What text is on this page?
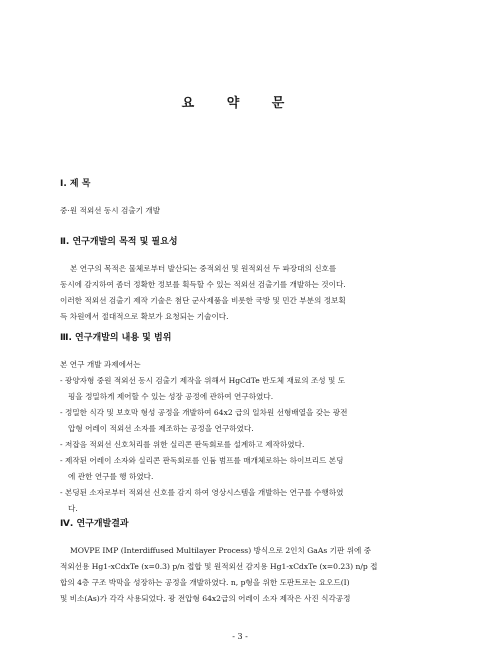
요 약 문
Ⅰ. 제 목
중·원 적외선 동시 검출기 개발
Ⅱ. 연구개발의 목적 및 필요성
본 연구의 목적은 물체로부터 발산되는 중적외선 및 원적외선 두 파장대의 신호를
동시에 감지하여 좀더 정확한 정보를 획득할 수 있는 적외선 검출기를 개발하는 것이다.
이러한 적외선 검출기 제작 기술은 첨단 군사제품을 비롯한 국방 및 민간 부분의 정보획
득 차원에서 절대적으로 확보가 요청되는 기술이다.
Ⅲ. 연구개발의 내용 및 범위
본 연구 개발 과제에서는
- 광양자형 중원 적외선 동시 검출기 제작을 위해서 HgCdTe 반도체 재료의 조성 및 도
핑을 정밀하게 제어할 수 있는 성장 공정에 관하여 연구하였다.
- 정밀한 식각 및 보호막 형성 공정을 개발하여 64x2 급의 일차원 선형배열을 갖는 광전
압형 어레이 적외선 소자를 제조하는 공정을 연구하였다.
- 저잡음 적외선 신호처리를 위한 실리콘 판독회로를 설계하고 제작하였다.
- 제작된 어레이 소자와 실리콘 판독회로를 인듐 범프를 매개체로하는 하이브리드 본딩
에 관한 연구를 행 하였다.
- 본딩된 소자로부터 적외선 신호를 감지 하여 영상시스템을 개발하는 연구를 수행하였
다.
Ⅳ. 연구개발결과
MOVPE IMP (Interdiffused Multilayer Process) 방식으로 2인치 GaAs 기판 위에 중
적외선용 Hg1-xCdxTe (x=0.3) p/n 접합 및 원적외선 감지용 Hg1-xCdxTe (x=0.23) n/p 접
합의 4층 구조 박막을 성장하는 공정을 개발하였다. n, p형을 위한 도판트로는 요오드(I)
및 비소(As)가 각각 사용되었다. 광 전압형 64x2급의 어레이 소자 제작은 사진 식각공정
- 3 -
